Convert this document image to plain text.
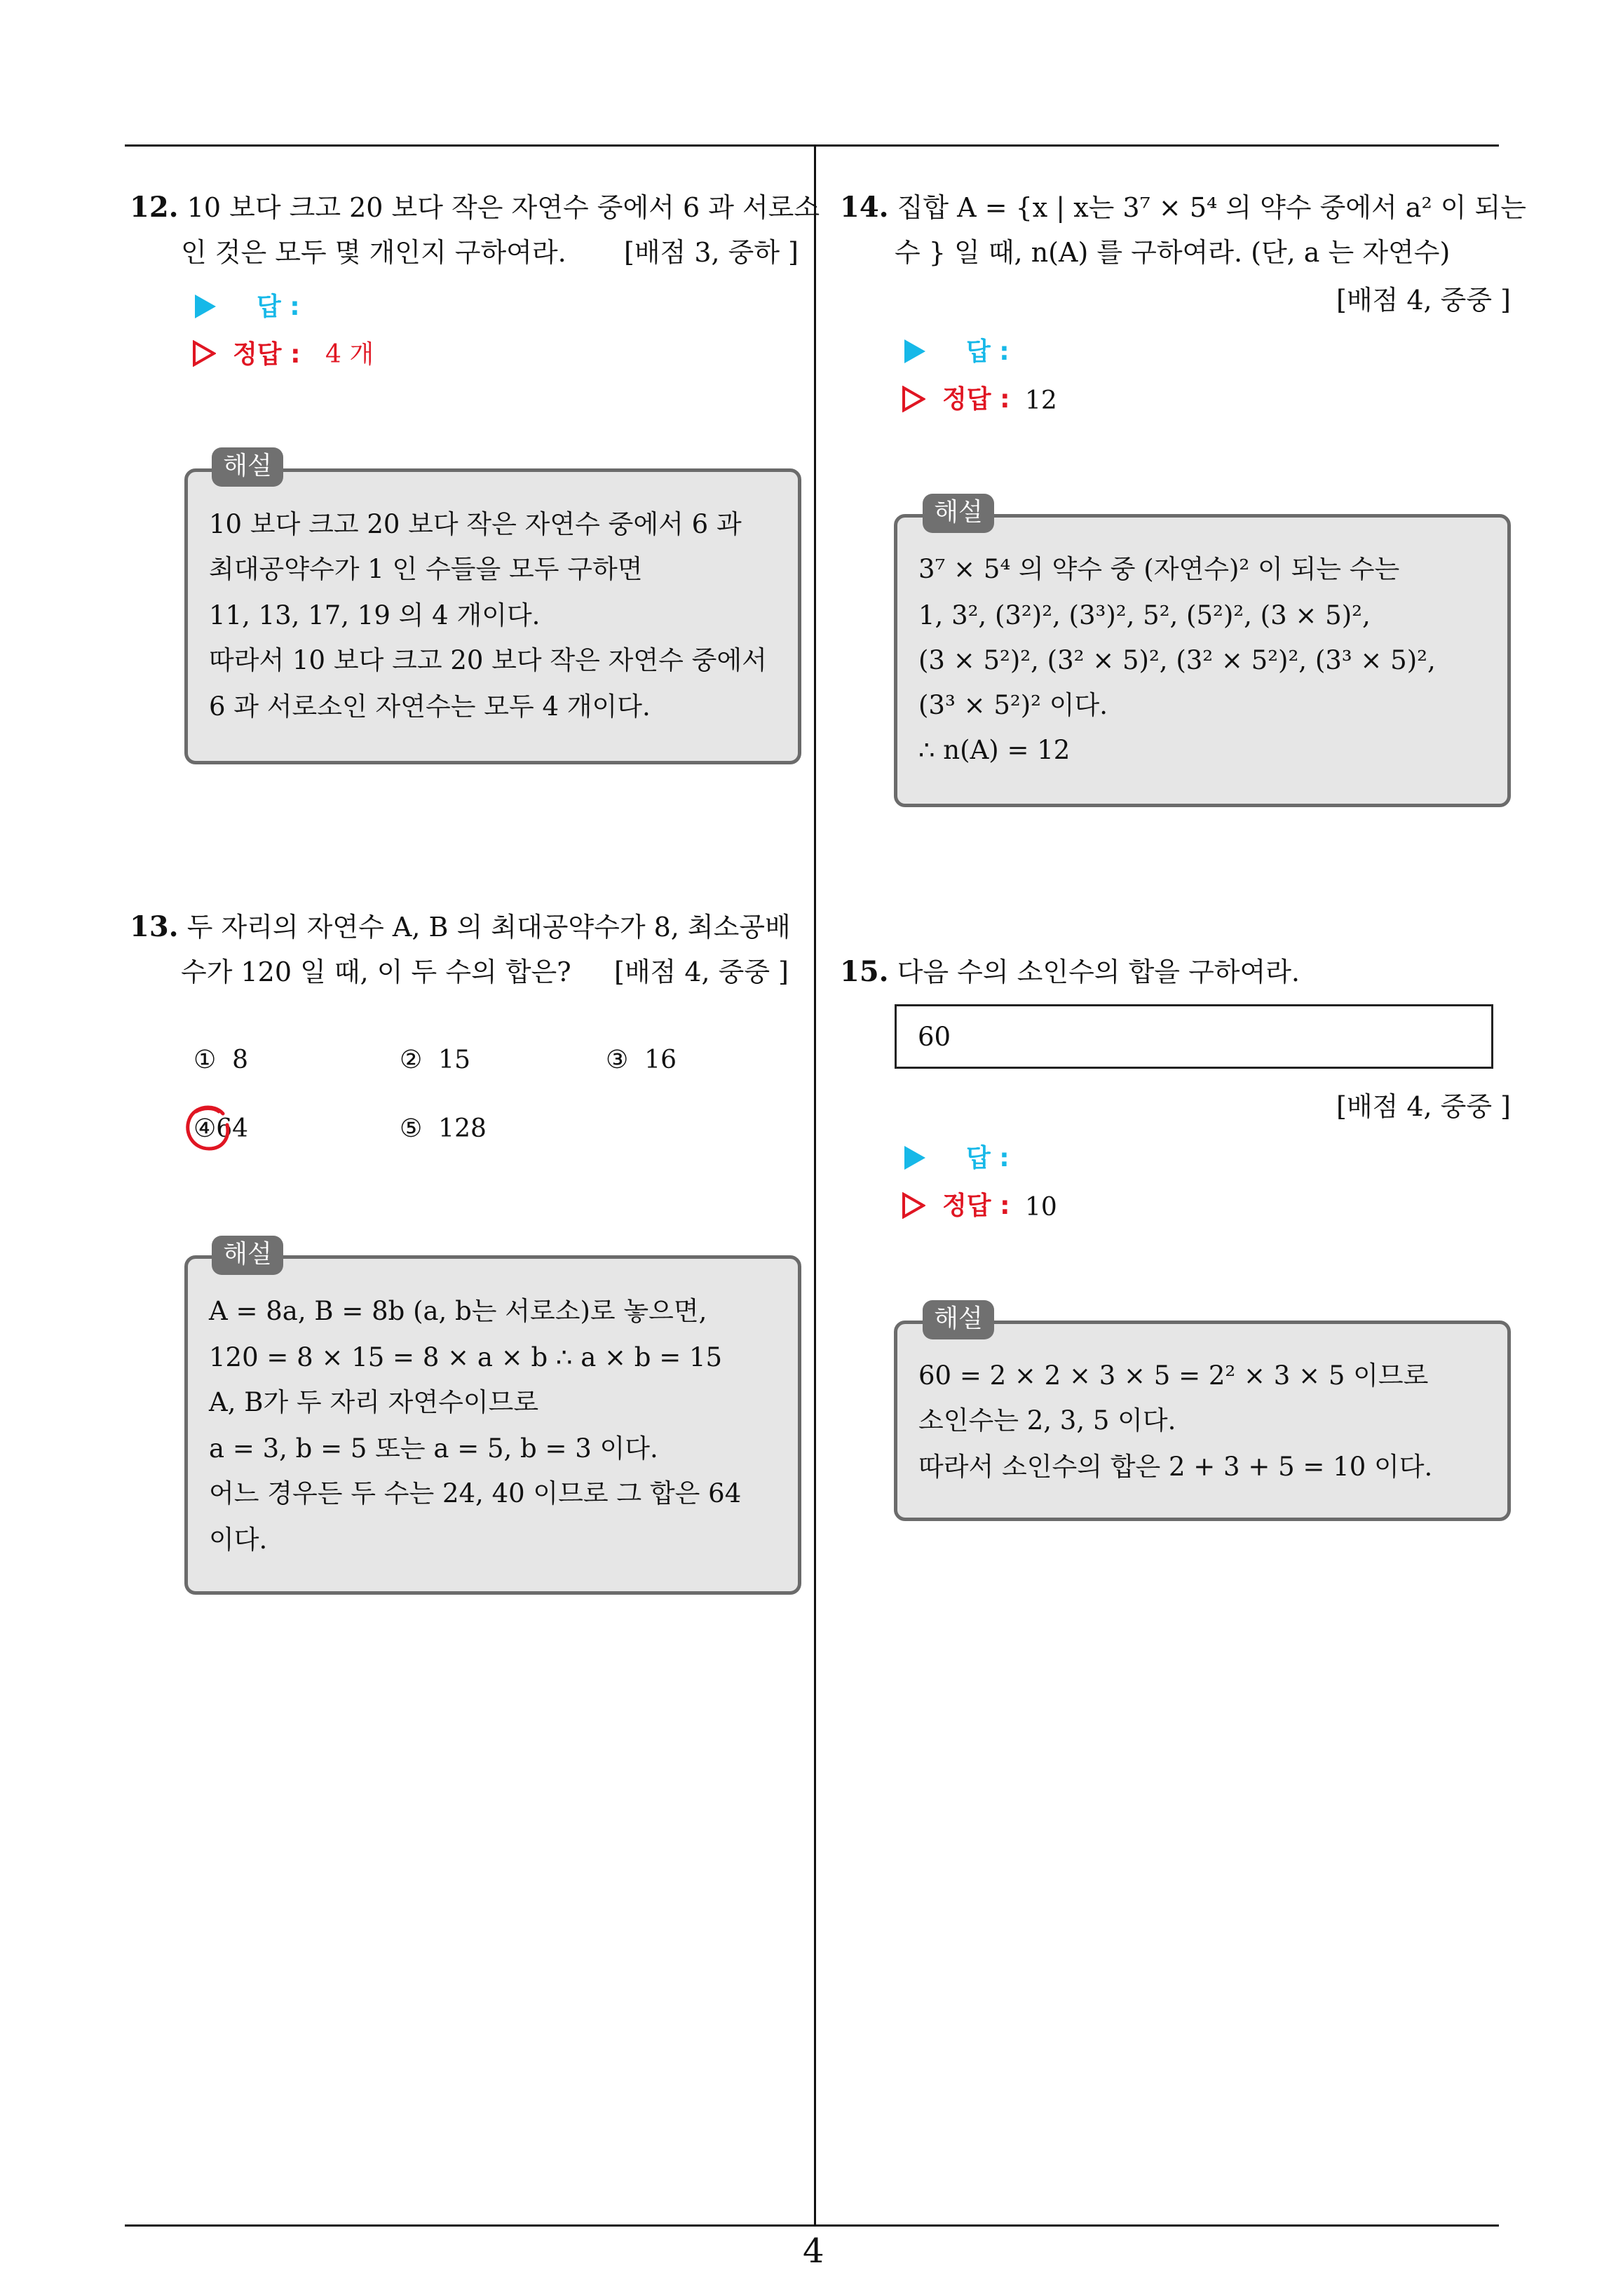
4
12. 10 보다 크고 20 보다 작은 자연수 중에서 6 과 서로소
인 것은 모두 몇 개인지 구하여라. [배점 3, 중하 ]
답 :
정답 : 4 개
해설
10 보다 크고 20 보다 작은 자연수 중에서 6 과
최대공약수가 1 인 수들을 모두 구하면
11, 13, 17, 19 의 4 개이다.
따라서 10 보다 크고 20 보다 작은 자연수 중에서
6 과 서로소인 자연수는 모두 4 개이다.
13. 두 자리의 자연수 A, B 의 최대공약수가 8, 최소공배
수가 120 일 때, 이 두 수의 합은? [배점 4, 중중 ]
① 8	② 15	③ 16
④64	⑤ 128
해설
A = 8a, B = 8b (a, b는 서로소)로 놓으면,
120 = 8 × 15 = 8 × a × b ∴ a × b = 15
A, B가 두 자리 자연수이므로
a = 3, b = 5 또는 a = 5, b = 3 이다.
어느 경우든 두 수는 24, 40 이므로 그 합은 64
이다.
14. 집합 A = {x | x는 3⁷ × 5⁴ 의 약수 중에서 a² 이 되는
수 } 일 때, n(A) 를 구하여라. (단, a 는 자연수)
[배점 4, 중중 ]
답 :
정답 : 12
해설
3⁷ × 5⁴ 의 약수 중 (자연수)² 이 되는 수는
1, 3², (3²)², (3³)², 5², (5²)², (3 × 5)²,
(3 × 5²)², (3² × 5)², (3² × 5²)², (3³ × 5)²,
(3³ × 5²)² 이다.
∴ n(A) = 12
15. 다음 수의 소인수의 합을 구하여라.
60
[배점 4, 중중 ]
답 :
정답 : 10
해설
60 = 2 × 2 × 3 × 5 = 2² × 3 × 5 이므로
소인수는 2, 3, 5 이다.
따라서 소인수의 합은 2 + 3 + 5 = 10 이다.
